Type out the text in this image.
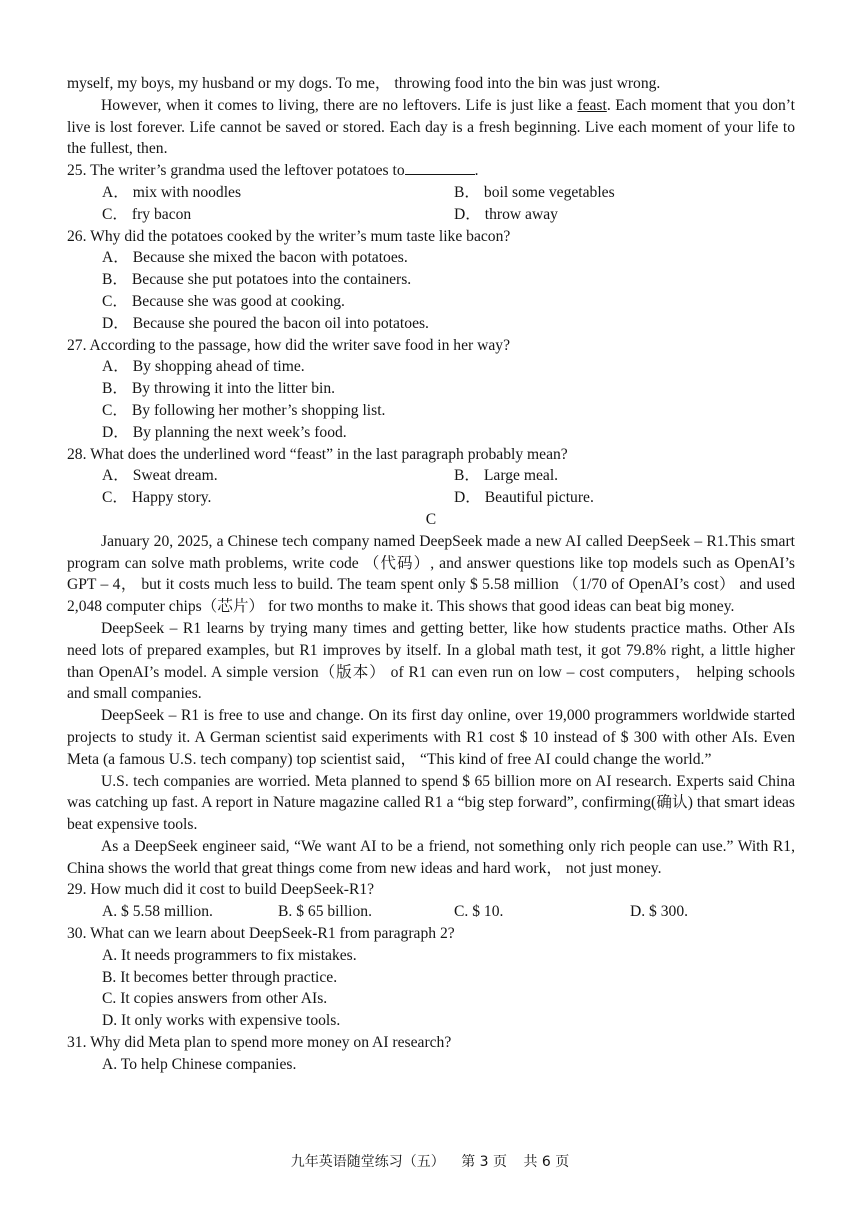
myself, my boys, my husband or my dogs. To me， throwing food into the bin was just wrong.

However, when it comes to living, there are no leftovers. Life is just like a feast. Each moment that you don’t live is lost forever. Life cannot be saved or stored. Each day is a fresh beginning. Live each moment of your life to the fullest, then.

25. The writer’s grandma used the leftover potatoes to	.

A． mix with noodles	B． boil some vegetables
C． fry bacon	D． throw away

26. Why did the potatoes cooked by the writer’s mum taste like bacon?

A． Because she mixed the bacon with potatoes.

B． Because she put potatoes into the containers.

C． Because she was good at cooking.

D． Because she poured the bacon oil into potatoes.

27. According to the passage, how did the writer save food in her way?

A． By shopping ahead of time.

B． By throwing it into the litter bin.

C． By following her mother’s shopping list.

D． By planning the next week’s food.

28. What does the underlined word “feast” in the last paragraph probably mean?

A． Sweat dream.	B． Large meal.
C． Happy story.	D． Beautiful picture.

C

January 20, 2025, a Chinese tech company named DeepSeek made a new AI called DeepSeek – R1.This smart program can solve math problems, write code （代码）, and answer questions like top models such as OpenAI’s GPT – 4， but it costs much less to build. The team spent only $ 5.58 million （1/70 of OpenAI’s cost） and used 2,048 computer chips（芯片） for two months to make it. This shows that good ideas can beat big money.

DeepSeek – R1 learns by trying many times and getting better, like how students practice maths. Other AIs need lots of prepared examples, but R1 improves by itself. In a global math test, it got 79.8% right, a little higher than OpenAI’s model. A simple version（版本） of R1 can even run on low – cost computers， helping schools and small companies.

DeepSeek – R1 is free to use and change. On its first day online, over 19,000 programmers worldwide started projects to study it. A German scientist said experiments with R1 cost $ 10 instead of $ 300 with other AIs. Even Meta (a famous U.S. tech company) top scientist said， “This kind of free AI could change the world.”

U.S. tech companies are worried. Meta planned to spend $ 65 billion more on AI research. Experts said China was catching up fast. A report in Nature magazine called R1 a “big step forward”, confirming(确认) that smart ideas beat expensive tools.

As a DeepSeek engineer said, “We want AI to be a friend, not something only rich people can use.” With R1, China shows the world that great things come from new ideas and hard work， not just money.

29. How much did it cost to build DeepSeek-R1?

A. $ 5.58 million.	B. $ 65 billion.	C. $ 10.	D. $ 300.

30. What can we learn about DeepSeek-R1 from paragraph 2?

A. It needs programmers to fix mistakes.

B. It becomes better through practice.

C. It copies answers from other AIs.

D. It only works with expensive tools.

31. Why did Meta plan to spend more money on AI research?

A. To help Chinese companies.

九年英语随堂练习（五） 第 3 页 共 6 页
